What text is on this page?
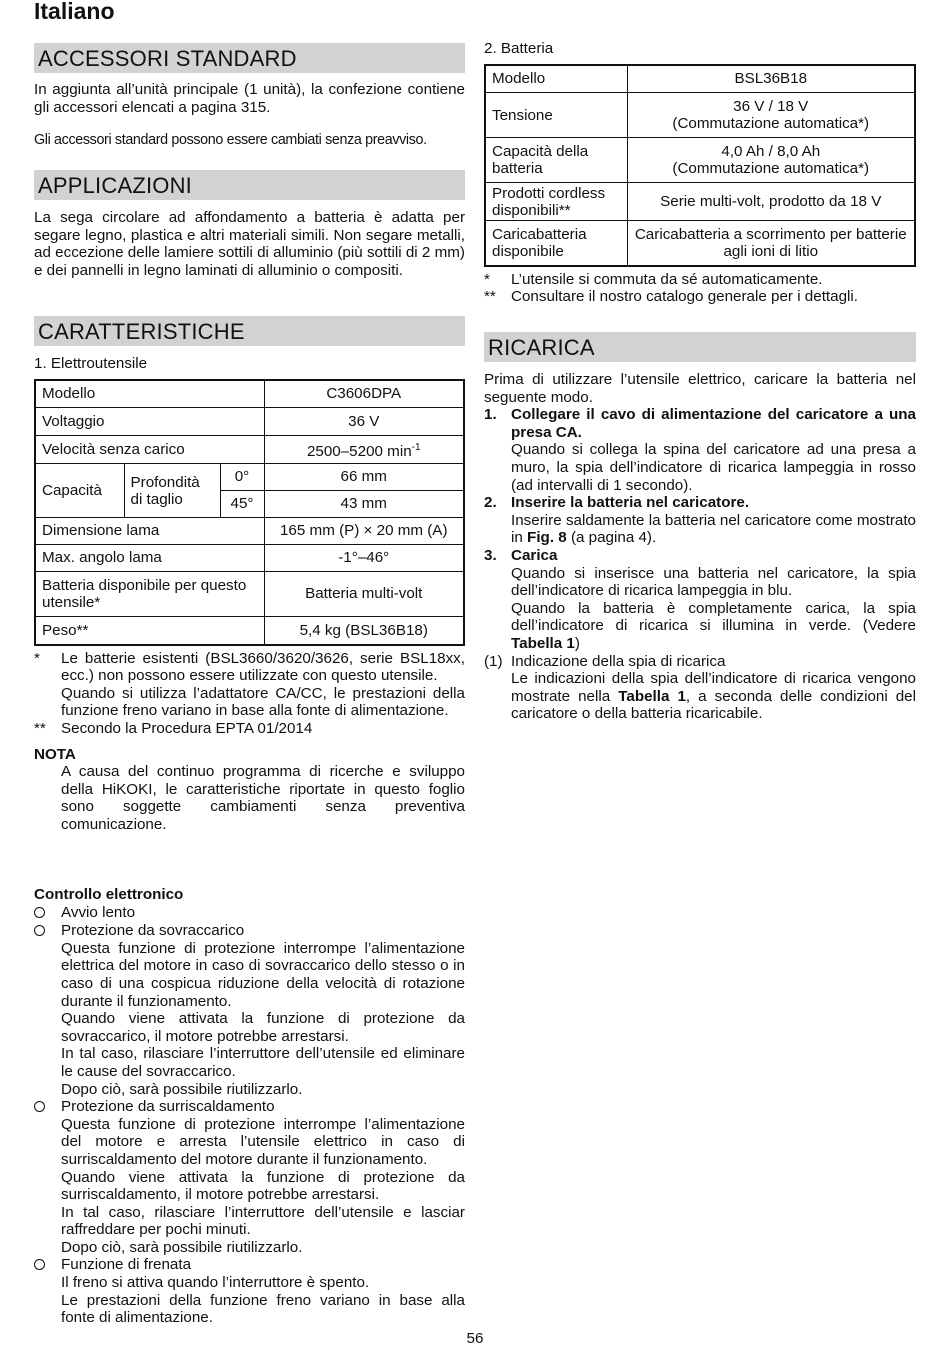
Italiano
ACCESSORI STANDARD

In aggiunta all’unità principale (1 unità), la confezione contiene gli accessori elencati a pagina 315.

Gli accessori standard possono essere cambiati senza preavviso.

APPLICAZIONI

La sega circolare ad affondamento a batteria è adatta per segare legno, plastica e altri materiali simili. Non segare metalli, ad eccezione delle lamiere sottili di alluminio (più sottili di 2 mm) e dei pannelli in legno laminati di alluminio o compositi.

CARATTERISTICHE

1. Elettroutensile

Modello			C3606DPA
Voltaggio			36 V
Velocità senza carico			2500–5200 $\min^{-1}$
Capacità	Profondità di taglio	0°	66 mm
		45°	43 mm
Dimensione lama			165 mm (P) × 20 mm (A)
Max. angolo lama			-1°–46°
Batteria disponibile per questo utensile*			Batteria multi-volt
Peso**			5,4 kg (BSL36B18)
*	Le batterie esistenti (BSL3660/3620/3626, serie BSL18xx, ecc.) non possono essere utilizzate con questo utensile.

Quando si utilizza l’adattatore CA/CC, le prestazioni della funzione freno variano in base alla fonte di alimentazione.

** Secondo la Procedura EPTA 01/2014

NOTA

A causa del continuo programma di ricerche e sviluppo della HiKOKI, le caratteristiche riportate in questo foglio sono soggette cambiamenti senza preventiva comunicazione.

Controllo elettronico

Avvio lento

Protezione da sovraccarico

Questa funzione di protezione interrompe l’alimentazione elettrica del motore in caso di sovraccarico dello stesso o in caso di una cospicua riduzione della velocità di rotazione durante il funzionamento.

Quando viene attivata la funzione di protezione da sovraccarico, il motore potrebbe arrestarsi.

In tal caso, rilasciare l’interruttore dell’utensile ed eliminare le cause del sovraccarico.

Dopo ciò, sarà possibile riutilizzarlo.

Protezione da surriscaldamento

Questa funzione di protezione interrompe l’alimentazione del motore e arresta l’utensile elettrico in caso di surriscaldamento del motore durante il funzionamento.

Quando viene attivata la funzione di protezione da surriscaldamento, il motore potrebbe arrestarsi.

In tal caso, rilasciare l’interruttore dell’utensile e lasciar raffreddare per pochi minuti.

Dopo ciò, sarà possibile riutilizzarlo.

Funzione di frenata

Il freno si attiva quando l’interruttore è spento.

Le prestazioni della funzione freno variano in base alla fonte di alimentazione.

2. Batteria

Modello	BSL36B18
Tensione	36 V / 18 V
(Commutazione automatica*)
Capacità della batteria	4,0 Ah / 8,0 Ah
(Commutazione automatica*)
Prodotti cordless disponibili**	Serie multi-volt, prodotto da 18 V
Caricabatteria disponibile	Caricabatteria a scorrimento per batterie agli ioni di litio
*	L’utensile si commuta da sé automaticamente.
** Consultare il nostro catalogo generale per i dettagli.
RICARICA

Prima di utilizzare l’utensile elettrico, caricare la batteria nel seguente modo.

1. Collegare il cavo di alimentazione del caricatore a una presa CA.

Quando si collega la spina del caricatore ad una presa a muro, la spia dell’indicatore di ricarica lampeggia in rosso (ad intervalli di 1 secondo).

2. Inserire la batteria nel caricatore.

Inserire saldamente la batteria nel caricatore come mostrato in Fig. 8 (a pagina 4).

3. Carica

Quando si inserisce una batteria nel caricatore, la spia dell’indicatore di ricarica lampeggia in blu.

Quando la batteria è completamente carica, la spia dell’indicatore di ricarica si illumina in verde. (Vedere Tabella 1)

(1) Indicazione della spia di ricarica

Le indicazioni della spia dell’indicatore di ricarica vengono mostrate nella Tabella 1, a seconda delle condizioni del caricatore o della batteria ricaricabile.

56
